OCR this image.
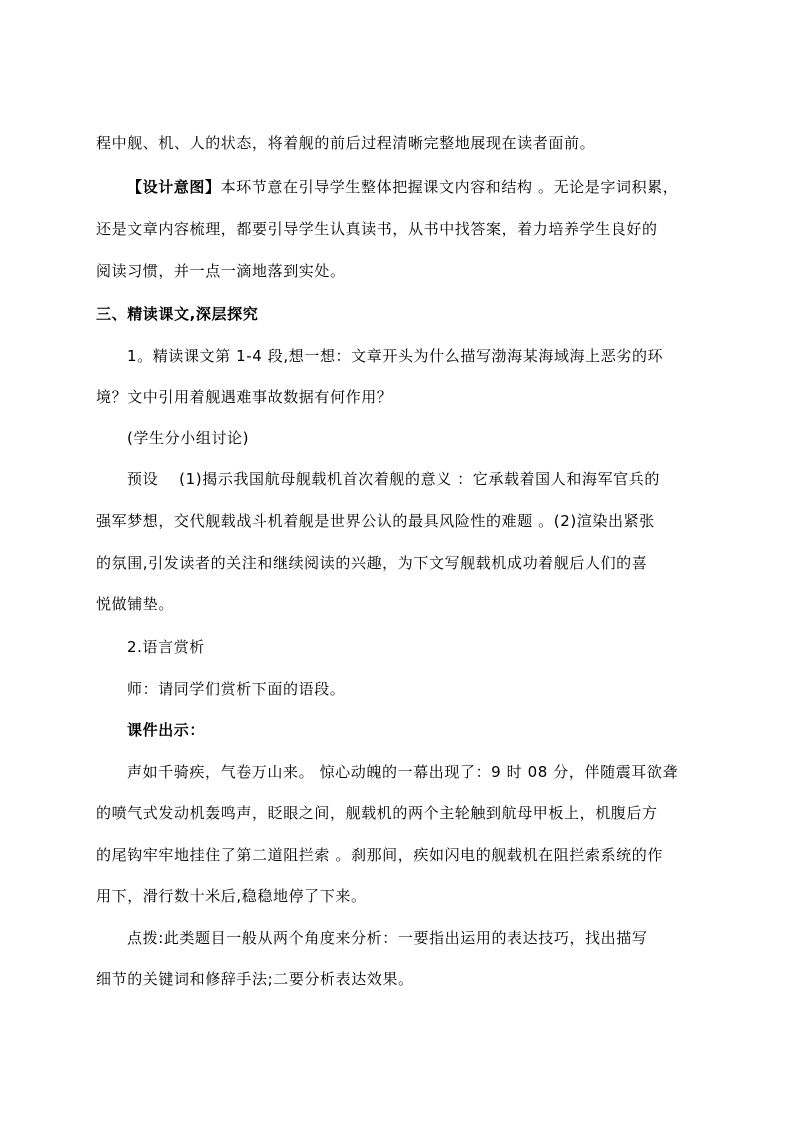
程中舰、机、人的状态，将着舰的前后过程清晰完整地展现在读者面前。
【设计意图】本环节意在引导学生整体把握课文内容和结构 。无论是字词积累，
还是文章内容梳理，都要引导学生认真读书，从书中找答案，着力培养学生良好的
阅读习惯，并一点一滴地落到实处。
三、精读课文,深层探究
1。精读课文第 1-4 段,想一想：文章开头为什么描写渤海某海域海上恶劣的环
境？文中引用着舰遇难事故数据有何作用？
(学生分小组讨论)
预设　 (1)揭示我国航母舰载机首次着舰的意义 ：它承载着国人和海军官兵的
强军梦想，交代舰载战斗机着舰是世界公认的最具风险性的难题 。(2)渲染出紧张
的氛围,引发读者的关注和继续阅读的兴趣，为下文写舰载机成功着舰后人们的喜
悦做铺垫。
2.语言赏析
师：请同学们赏析下面的语段。
课件出示：
声如千骑疾，气卷万山来。 惊心动魄的一幕出现了：9 时 08 分，伴随震耳欲聋
的喷气式发动机轰鸣声，眨眼之间，舰载机的两个主轮触到航母甲板上，机腹后方
的尾钩牢牢地挂住了第二道阻拦索 。刹那间，疾如闪电的舰载机在阻拦索系统的作
用下，滑行数十米后,稳稳地停了下来。
点拨:此类题目一般从两个角度来分析：一要指出运用的表达技巧，找出描写
细节的关键词和修辞手法;二要分析表达效果。
